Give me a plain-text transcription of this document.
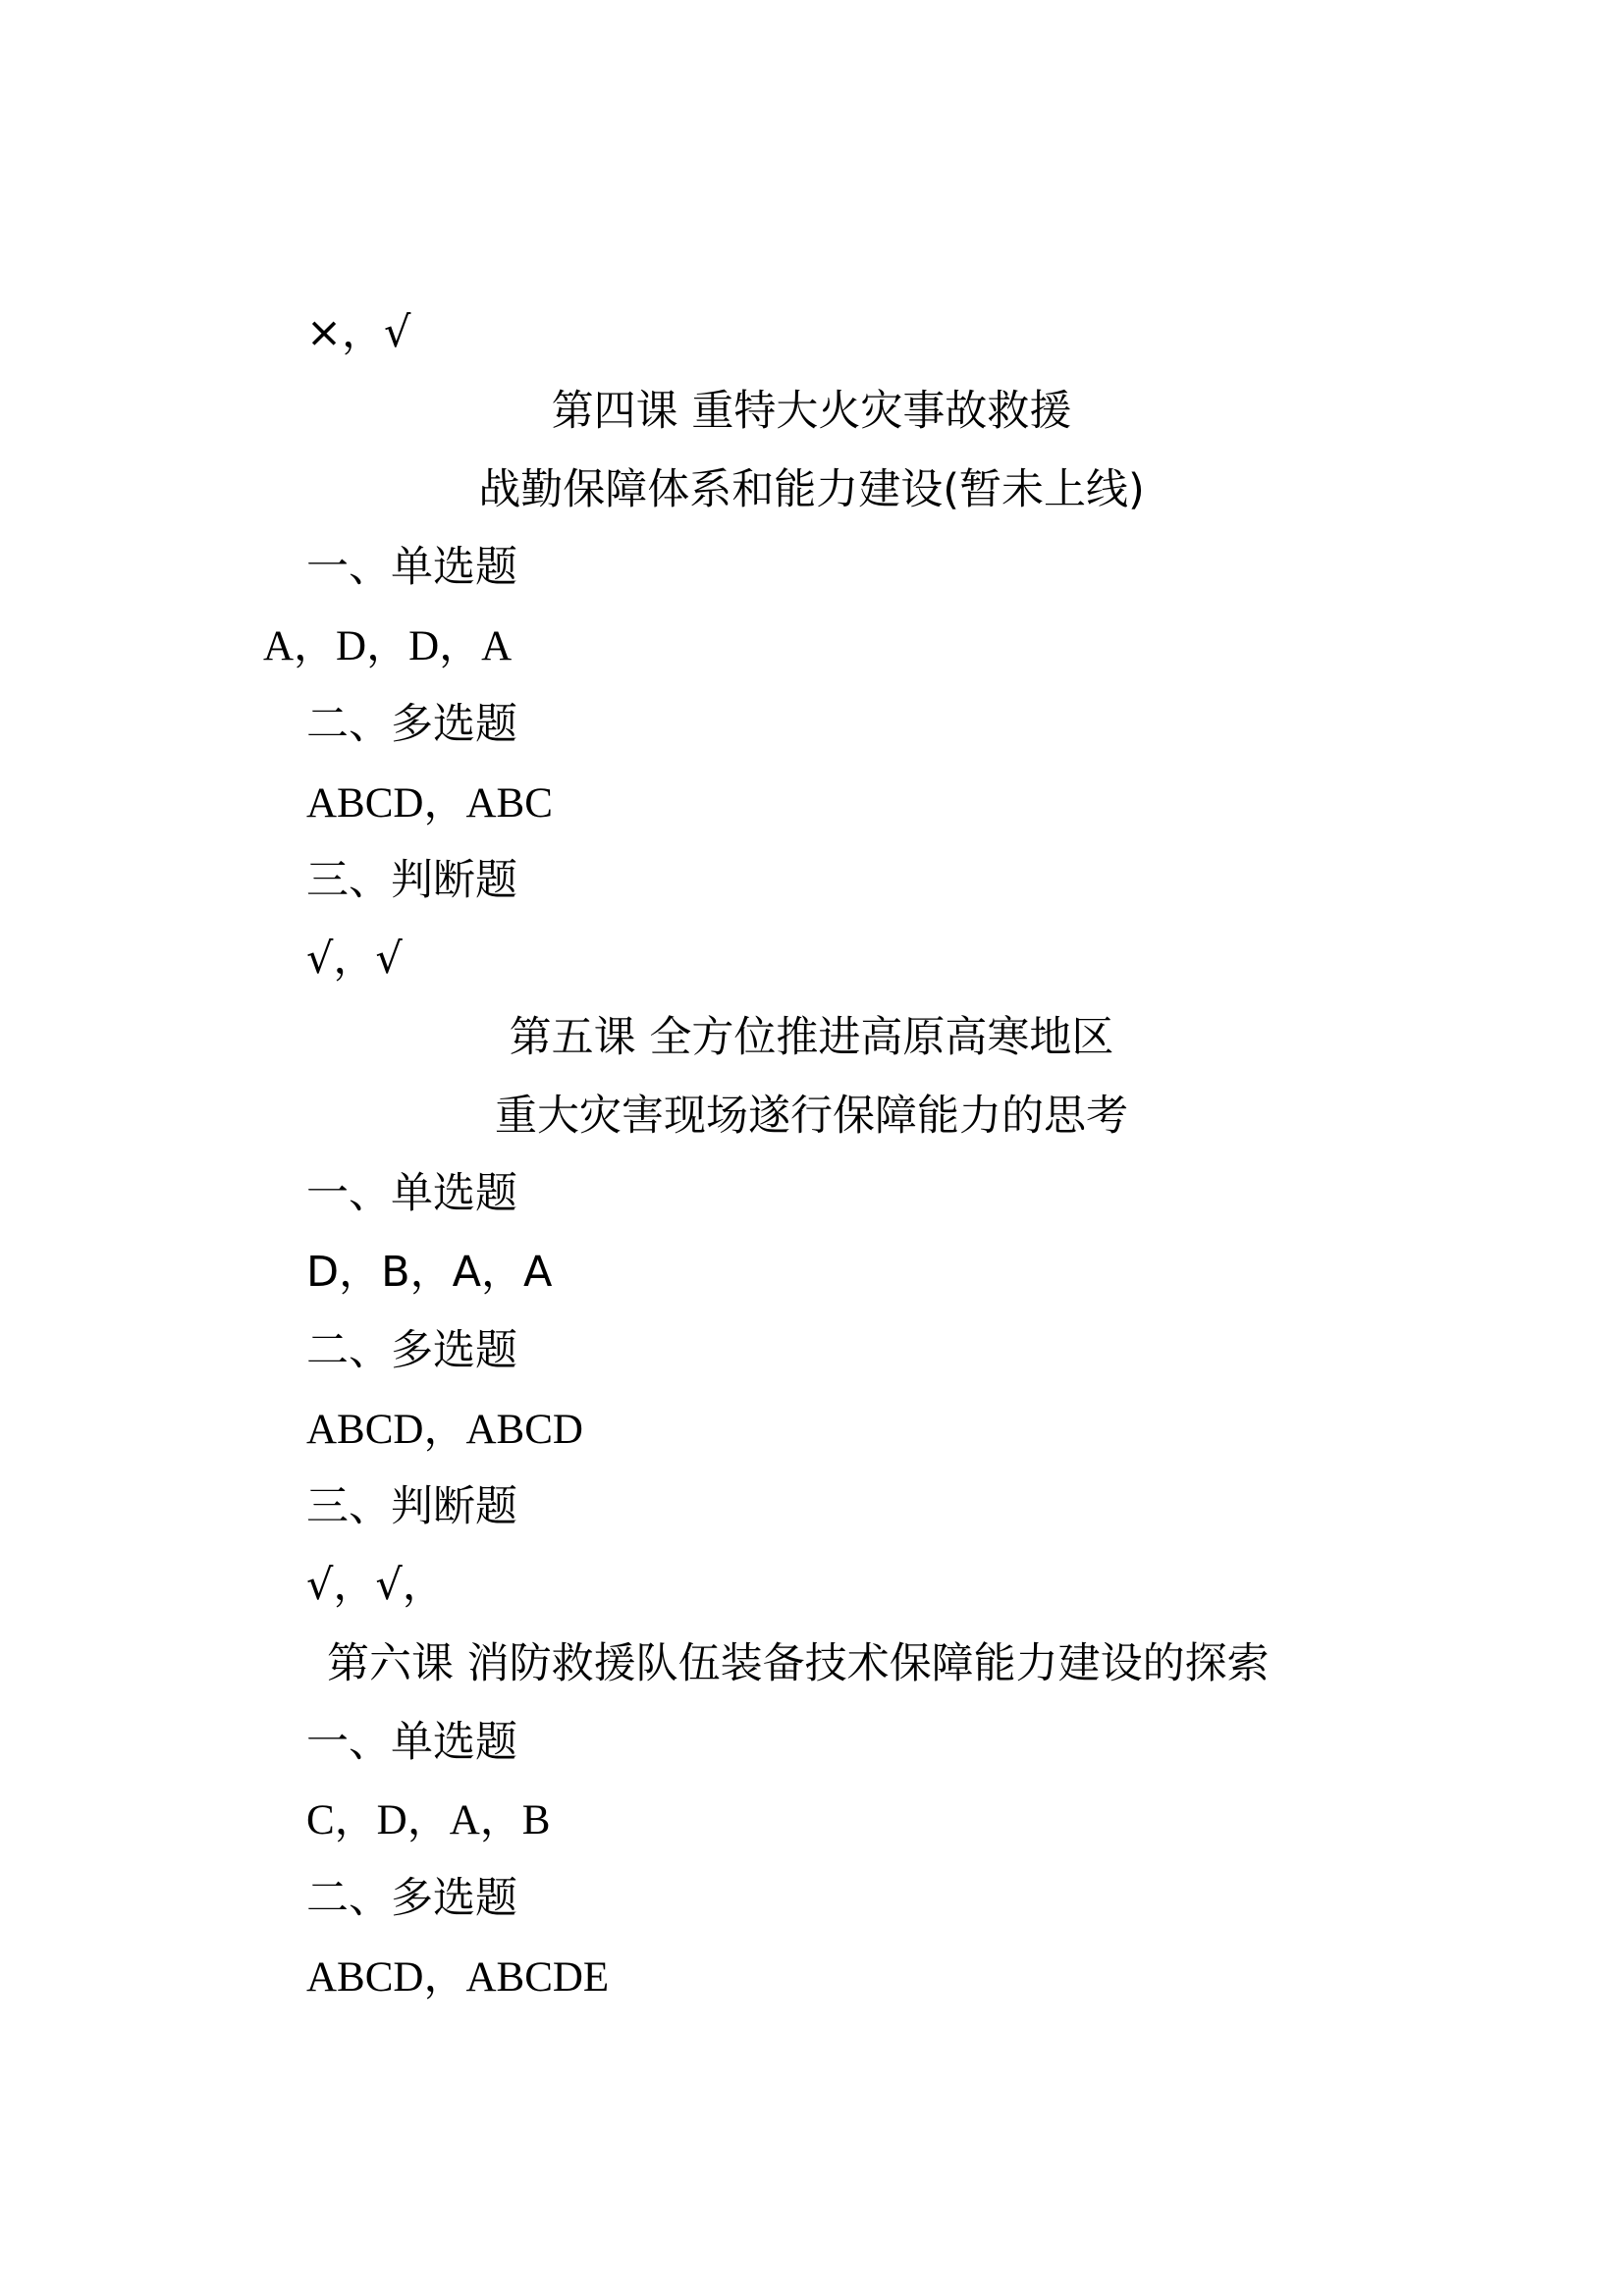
×，√
第四课 重特大火灾事故救援
战勤保障体系和能力建设(暂未上线)
一、单选题
A，D，D，A
二、多选题
ABCD，ABC
三、判断题
√，√
第五课 全方位推进高原高寒地区
重大灾害现场遂行保障能力的思考
一、单选题
D，B，A，A
二、多选题
ABCD，ABCD
三、判断题
√，√，
第六课 消防救援队伍装备技术保障能力建设的探索
一、单选题
C，D，A，B
二、多选题
ABCD，ABCDE
